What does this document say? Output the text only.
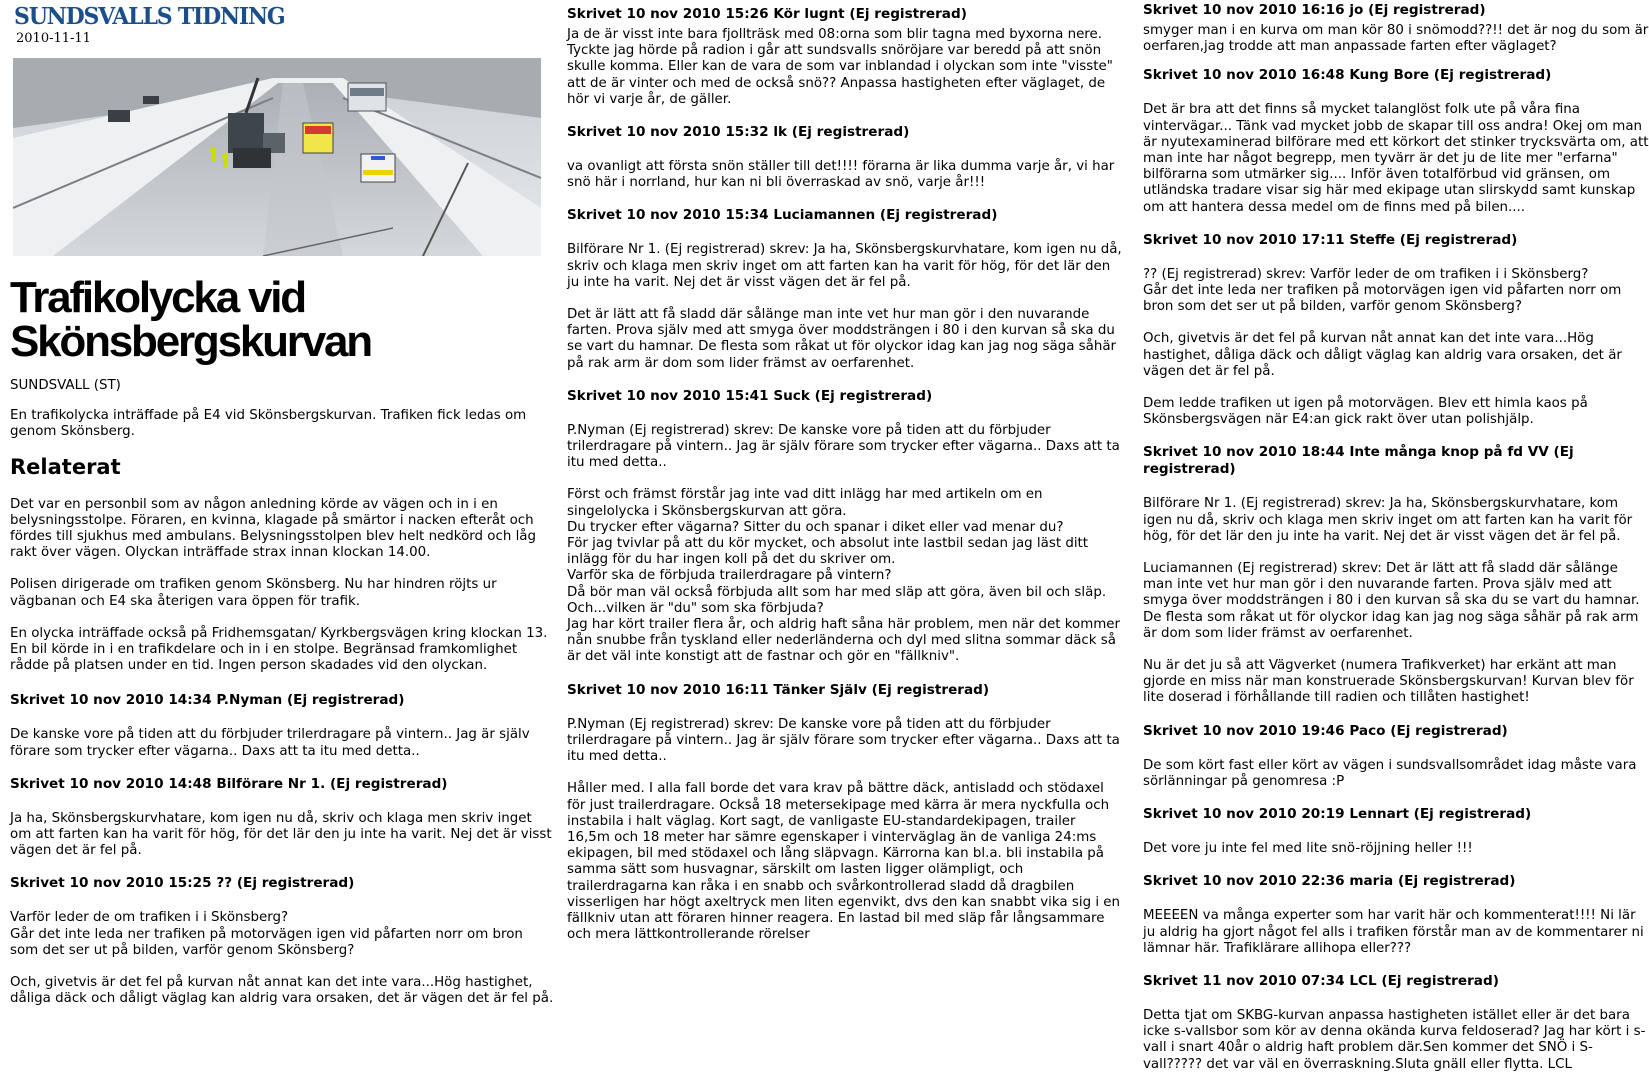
SUNDSVALLS TIDNING
2010-11-11
Trafikolycka vid Skönsbergskurvan
SUNDSVALL (ST)
En trafikolycka inträffade på E4 vid Skönsbergskurvan. Trafiken fick ledas om genom Skönsberg.
Relaterat
Det var en personbil som av någon anledning körde av vägen och in i en belysningsstolpe. Föraren, en kvinna, klagade på smärtor i nacken efteråt och fördes till sjukhus med ambulans. Belysningsstolpen blev helt nedkörd och låg rakt över vägen. Olyckan inträffade strax innan klockan 14.00.
Polisen dirigerade om trafiken genom Skönsberg. Nu har hindren röjts ur vägbanan och E4 ska återigen vara öppen för trafik.
En olycka inträffade också på Fridhemsgatan/ Kyrkbergsvägen kring klockan 13. En bil körde in i en trafikdelare och in i en stolpe. Begränsad framkomlighet rådde på platsen under en tid. Ingen person skadades vid den olyckan.
Skrivet 10 nov 2010 14:34 P.Nyman (Ej registrerad)
De kanske vore på tiden att du förbjuder trilerdragare på vintern.. Jag är själv förare som trycker efter vägarna.. Daxs att ta itu med detta..
Skrivet 10 nov 2010 14:48 Bilförare Nr 1. (Ej registrerad)
Ja ha, Skönsbergskurvhatare, kom igen nu då, skriv och klaga men skriv inget om att farten kan ha varit för hög, för det lär den ju inte ha varit. Nej det är visst vägen det är fel på.
Skrivet 10 nov 2010 15:25 ?? (Ej registrerad)
Varför leder de om trafiken i i Skönsberg?
Går det inte leda ner trafiken på motorvägen igen vid påfarten norr om bron som det ser ut på bilden, varför genom Skönsberg?
Och, givetvis är det fel på kurvan nåt annat kan det inte vara...Hög hastighet, dåliga däck och dåligt väglag kan aldrig vara orsaken, det är vägen det är fel på.
Skrivet 10 nov 2010 15:26 Kör lugnt (Ej registrerad)
Ja de är visst inte bara fjollträsk med 08:orna som blir tagna med byxorna nere.
Tyckte jag hörde på radion i går att sundsvalls snöröjare var beredd på att snön skulle komma. Eller kan de vara de som var inblandad i olyckan som inte "visste" att de är vinter och med de också snö?? Anpassa hastigheten efter väglaget, de hör vi varje år, de gäller.
Skrivet 10 nov 2010 15:32 lk (Ej registrerad)
va ovanligt att första snön ställer till det!!!! förarna är lika dumma varje år, vi har snö här i norrland, hur kan ni bli överraskad av snö, varje år!!!
Skrivet 10 nov 2010 15:34 Luciamannen (Ej registrerad)
Bilförare Nr 1. (Ej registrerad) skrev: Ja ha, Skönsbergskurvhatare, kom igen nu då, skriv och klaga men skriv inget om att farten kan ha varit för hög, för det lär den ju inte ha varit. Nej det är visst vägen det är fel på.
Det är lätt att få sladd där sålänge man inte vet hur man gör i den nuvarande farten. Prova själv med att smyga över moddsträngen i 80 i den kurvan så ska du se vart du hamnar. De flesta som råkat ut för olyckor idag kan jag nog säga såhär på rak arm är dom som lider främst av oerfarenhet.
Skrivet 10 nov 2010 15:41 Suck (Ej registrerad)
P.Nyman (Ej registrerad) skrev: De kanske vore på tiden att du förbjuder trilerdragare på vintern.. Jag är själv förare som trycker efter vägarna.. Daxs att ta itu med detta..
Först och främst förstår jag inte vad ditt inlägg har med artikeln om en singelolycka i Skönsbergskurvan att göra.
Du trycker efter vägarna? Sitter du och spanar i diket eller vad menar du?
För jag tvivlar på att du kör mycket, och absolut inte lastbil sedan jag läst ditt inlägg för du har ingen koll på det du skriver om.
Varför ska de förbjuda trailerdragare på vintern?
Då bör man väl också förbjuda allt som har med släp att göra, även bil och släp.
Och...vilken är "du" som ska förbjuda?
Jag har kört trailer flera år, och aldrig haft såna här problem, men när det kommer nån snubbe från tyskland eller nederländerna och dyl med slitna sommar däck så är det väl inte konstigt att de fastnar och gör en "fällkniv".
Skrivet 10 nov 2010 16:11 Tänker Själv (Ej registrerad)
P.Nyman (Ej registrerad) skrev: De kanske vore på tiden att du förbjuder trilerdragare på vintern.. Jag är själv förare som trycker efter vägarna.. Daxs att ta itu med detta..
Håller med. I alla fall borde det vara krav på bättre däck, antisladd och stödaxel för just trailerdragare. Också 18 metersekipage med kärra är mera nyckfulla och instabila i halt väglag. Kort sagt, de vanligaste EU-standardekipagen, trailer 16,5m och 18 meter har sämre egenskaper i vinterväglag än de vanliga 24:ms ekipagen, bil med stödaxel och lång släpvagn. Kärrorna kan bl.a. bli instabila på samma sätt som husvagnar, särskilt om lasten ligger olämpligt, och trailerdragarna kan råka i en snabb och svårkontrollerad sladd då dragbilen visserligen har högt axeltryck men liten egenvikt, dvs den kan snabbt vika sig i en fällkniv utan att föraren hinner reagera. En lastad bil med släp får långsammare och mera lättkontrollerande rörelser
Skrivet 10 nov 2010 16:16 jo (Ej registrerad)
smyger man i en kurva om man kör 80 i snömodd??!! det är nog du som är oerfaren,jag trodde att man anpassade farten efter väglaget?
Skrivet 10 nov 2010 16:48 Kung Bore (Ej registrerad)
Det är bra att det finns så mycket talanglöst folk ute på våra fina vintervägar... Tänk vad mycket jobb de skapar till oss andra! Okej om man är nyutexaminerad bilförare med ett körkort det stinker trycksvärta om, att man inte har något begrepp, men tyvärr är det ju de lite mer "erfarna" bilförarna som utmärker sig.... Inför även totalförbud vid gränsen, om utländska tradare visar sig här med ekipage utan slirskydd samt kunskap om att hantera dessa medel om de finns med på bilen....
Skrivet 10 nov 2010 17:11 Steffe (Ej registrerad)
?? (Ej registrerad) skrev: Varför leder de om trafiken i i Skönsberg?
Går det inte leda ner trafiken på motorvägen igen vid påfarten norr om bron som det ser ut på bilden, varför genom Skönsberg?
Och, givetvis är det fel på kurvan nåt annat kan det inte vara...Hög hastighet, dåliga däck och dåligt väglag kan aldrig vara orsaken, det är vägen det är fel på.
Dem ledde trafiken ut igen på motorvägen. Blev ett himla kaos på Skönsbergsvägen när E4:an gick rakt över utan polishjälp.
Skrivet 10 nov 2010 18:44 Inte många knop på fd VV (Ej registrerad)
Bilförare Nr 1. (Ej registrerad) skrev: Ja ha, Skönsbergskurvhatare, kom igen nu då, skriv och klaga men skriv inget om att farten kan ha varit för hög, för det lär den ju inte ha varit. Nej det är visst vägen det är fel på.
Luciamannen (Ej registrerad) skrev: Det är lätt att få sladd där sålänge man inte vet hur man gör i den nuvarande farten. Prova själv med att smyga över moddsträngen i 80 i den kurvan så ska du se vart du hamnar. De flesta som råkat ut för olyckor idag kan jag nog säga såhär på rak arm är dom som lider främst av oerfarenhet.
Nu är det ju så att Vägverket (numera Trafikverket) har erkänt att man gjorde en miss när man konstruerade Skönsbergskurvan! Kurvan blev för lite doserad i förhållande till radien och tillåten hastighet!
Skrivet 10 nov 2010 19:46 Paco (Ej registrerad)
De som kört fast eller kört av vägen i sundsvallsområdet idag måste vara sörlänningar på genomresa :P
Skrivet 10 nov 2010 20:19 Lennart (Ej registrerad)
Det vore ju inte fel med lite snö-röjjning heller !!!
Skrivet 10 nov 2010 22:36 maria (Ej registrerad)
MEEEEN va många experter som har varit här och kommenterat!!!! Ni lär ju aldrig ha gjort något fel alls i trafiken förstår man av de kommentarer ni lämnar här. Trafiklärare allihopa eller???
Skrivet 11 nov 2010 07:34 LCL (Ej registrerad)
Detta tjat om SKBG-kurvan anpassa hastigheten istället eller är det bara icke s-vallsbor som kör av denna okända kurva feldoserad? Jag har kört i s-vall i snart 40år o aldrig haft problem där.Sen kommer det SNÖ i S-vall????? det var väl en överraskning.Sluta gnäll eller flytta. LCL
